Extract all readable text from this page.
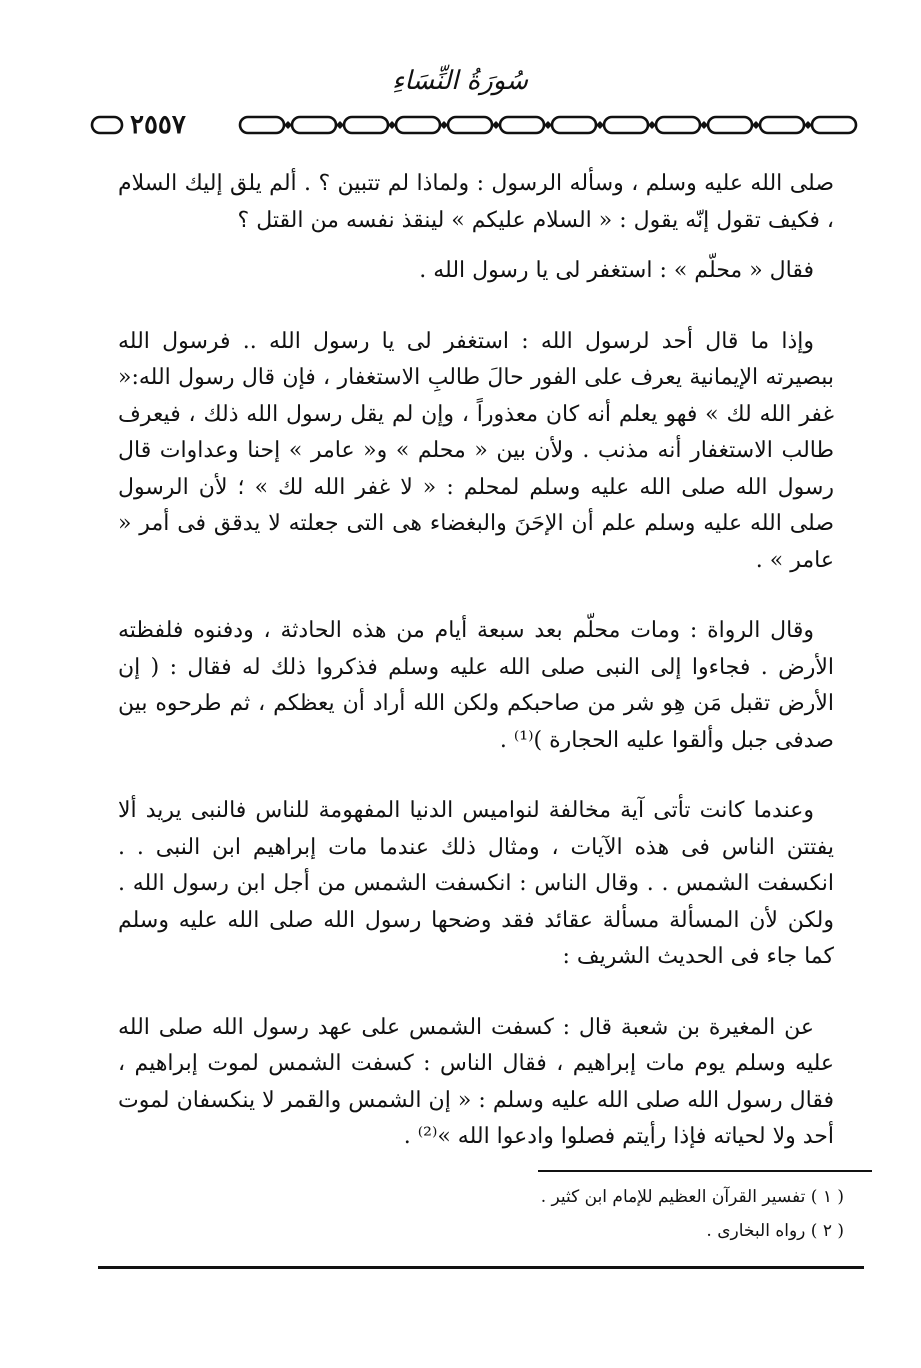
سُورَةُ النِّسَاءِ
٢٥٥٧

صلى الله عليه وسلم ، وسأله الرسول : ولماذا لم تتبين ؟ . ألم يلق إليك السلام ، فكيف تقول إنّه يقول : « السلام عليكم » لينقذ نفسه من القتل ؟

فقال « محلّم » : استغفر لى يا رسول الله .

وإذا ما قال أحد لرسول الله : استغفر لى يا رسول الله .. فرسول الله ببصيرته الإيمانية يعرف على الفور حالَ طالبِ الاستغفار ، فإن قال رسول الله:« غفر الله لك » فهو يعلم أنه كان معذوراً ، وإن لم يقل رسول الله ذلك ، فيعرف طالب الاستغفار أنه مذنب . ولأن بين « محلم » و« عامر » إحنا وعداوات قال رسول الله صلى الله عليه وسلم لمحلم : « لا غفر الله لك » ؛ لأن الرسول صلى الله عليه وسلم علم أن الإحَنَ والبغضاء هى التى جعلته لا يدقق فى أمر « عامر » .

وقال الرواة : ومات محلّم بعد سبعة أيام من هذه الحادثة ، ودفنوه فلفظته الأرض . فجاءوا إلى النبى صلى الله عليه وسلم فذكروا ذلك له فقال : ( إن الأرض تقبل مَن هِو شر من صاحبكم ولكن الله أراد أن يعظكم ، ثم طرحوه بين صدفى جبل وألقوا عليه الحجارة )⁽¹⁾ .

وعندما كانت تأتى آية مخالفة لنواميس الدنيا المفهومة للناس فالنبى يريد ألا يفتتن الناس فى هذه الآيات ، ومثال ذلك عندما مات إبراهيم ابن النبى . . انكسفت الشمس . . وقال الناس : انكسفت الشمس من أجل ابن رسول الله . ولكن لأن المسألة مسألة عقائد فقد وضحها رسول الله صلى الله عليه وسلم كما جاء فى الحديث الشريف :

عن المغيرة بن شعبة قال : كسفت الشمس على عهد رسول الله صلى الله عليه وسلم يوم مات إبراهيم ، فقال الناس : كسفت الشمس لموت إبراهيم ، فقال رسول الله صلى الله عليه وسلم : « إن الشمس والقمر لا ينكسفان لموت أحد ولا لحياته فإذا رأيتم فصلوا وادعوا الله »⁽²⁾ .

( ١ ) تفسير القرآن العظيم للإمام ابن كثير .

( ٢ ) رواه البخارى .
